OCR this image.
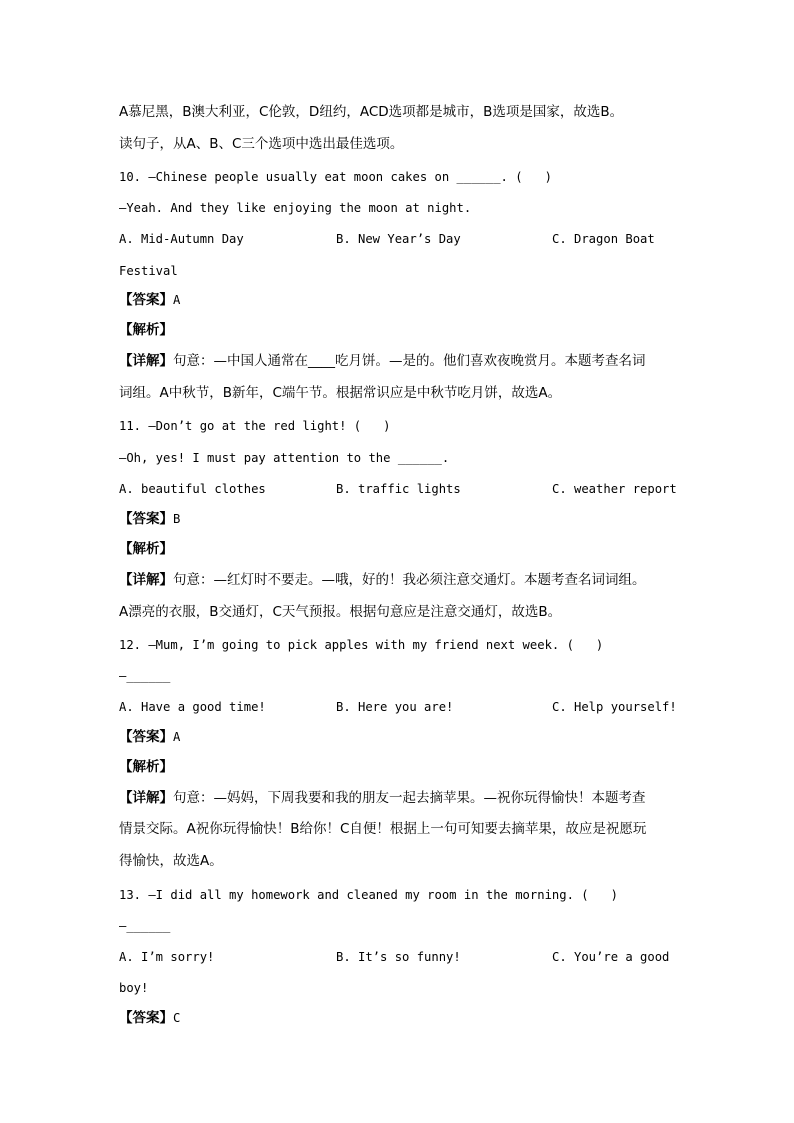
A慕尼黑，B澳大利亚，C伦敦，D纽约，ACD选项都是城市，B选项是国家，故选B。
读句子，从A、B、C三个选项中选出最佳选项。
10. —Chinese people usually eat moon cakes on ______. (   )
—Yeah. And they like enjoying the moon at night.
A. Mid-Autumn Day	B. New Year’s Day	C. Dragon Boat
Festival
【答案】A
【解析】
【详解】句意：—中国人通常在____吃月饼。—是的。他们喜欢夜晚赏月。本题考查名词
词组。A中秋节，B新年，C端午节。根据常识应是中秋节吃月饼，故选A。
11. —Don’t go at the red light! (   )
—Oh, yes! I must pay attention to the ______.
A. beautiful clothes	B. traffic lights	C. weather report
【答案】B
【解析】
【详解】句意：—红灯时不要走。—哦，好的！我必须注意交通灯。本题考查名词词组。
A漂亮的衣服，B交通灯，C天气预报。根据句意应是注意交通灯，故选B。
12. —Mum, I’m going to pick apples with my friend next week. (   )
—______
A. Have a good time!	B. Here you are!	C. Help yourself!
【答案】A
【解析】
【详解】句意：—妈妈，下周我要和我的朋友一起去摘苹果。—祝你玩得愉快！本题考查
情景交际。A祝你玩得愉快！B给你！C自便！根据上一句可知要去摘苹果，故应是祝愿玩
得愉快，故选A。
13. —I did all my homework and cleaned my room in the morning. (   )
—______
A. I’m sorry!	B. It’s so funny!	C. You’re a good
boy!
【答案】C
